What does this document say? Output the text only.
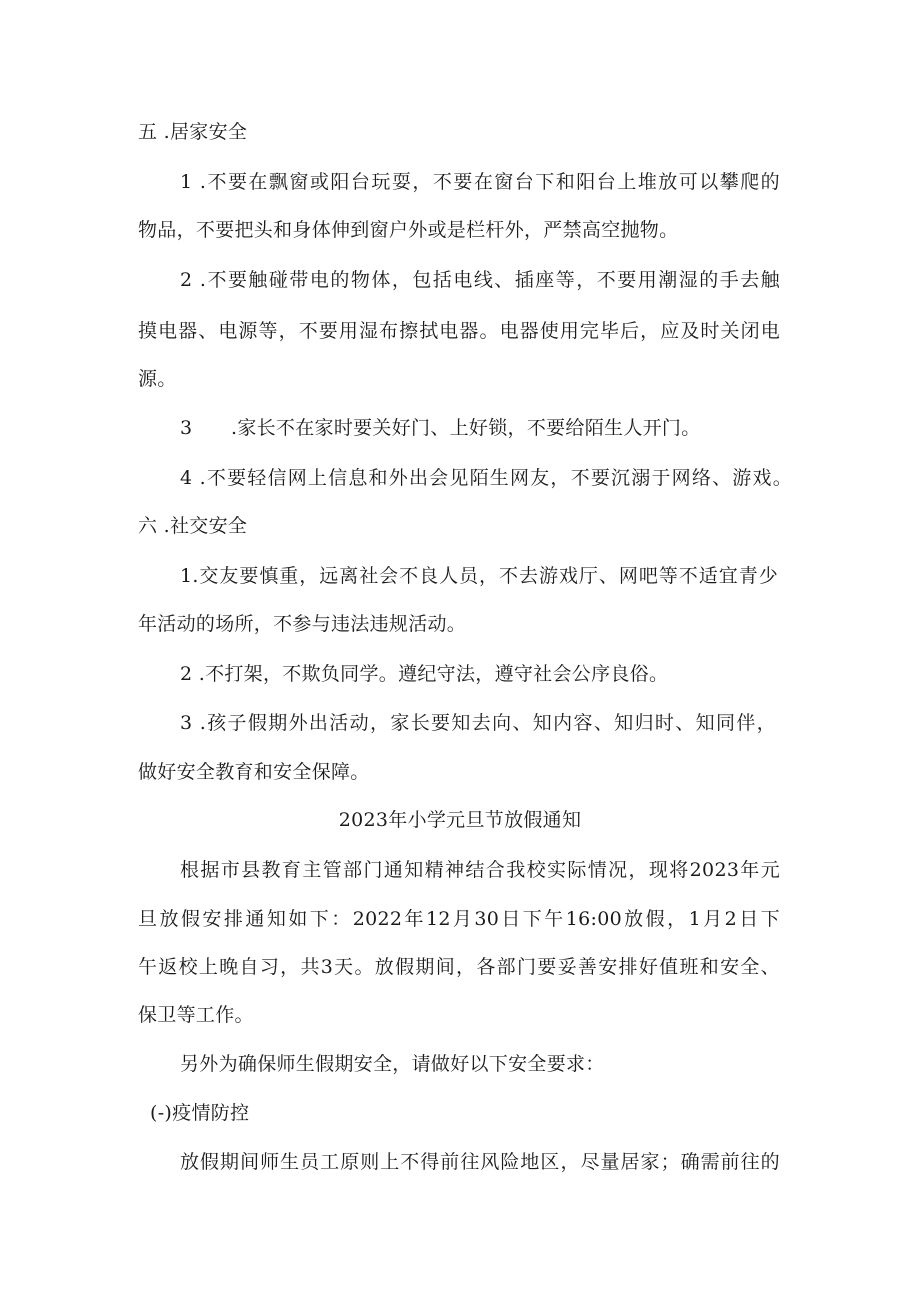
五 .居家安全
1 .不要在飘窗或阳台玩耍，不要在窗台下和阳台上堆放可以攀爬的
物品，不要把头和身体伸到窗户外或是栏杆外，严禁高空抛物。
2 .不要触碰带电的物体，包括电线、插座等，不要用潮湿的手去触
摸电器、电源等，不要用湿布擦拭电器。电器使用完毕后，应及时关闭电
源。
3　　.家长不在家时要关好门、上好锁，不要给陌生人开门。
4 .不要轻信网上信息和外出会见陌生网友，不要沉溺于网络、游戏。
六 .社交安全
1.交友要慎重，远离社会不良人员，不去游戏厅、网吧等不适宜青少
年活动的场所，不参与违法违规活动。
2 .不打架，不欺负同学。遵纪守法，遵守社会公序良俗。
3 .孩子假期外出活动，家长要知去向、知内容、知归时、知同伴，
做好安全教育和安全保障。
2023年小学元旦节放假通知
根据市县教育主管部门通知精神结合我校实际情况，现将2023年元
旦放假安排通知如下：2022年12月30日下午16:00放假，1月2日下
午返校上晚自习，共3天。放假期间，各部门要妥善安排好值班和安全、
保卫等工作。
另外为确保师生假期安全，请做好以下安全要求：
(-)疫情防控
放假期间师生员工原则上不得前往风险地区，尽量居家；确需前往的
